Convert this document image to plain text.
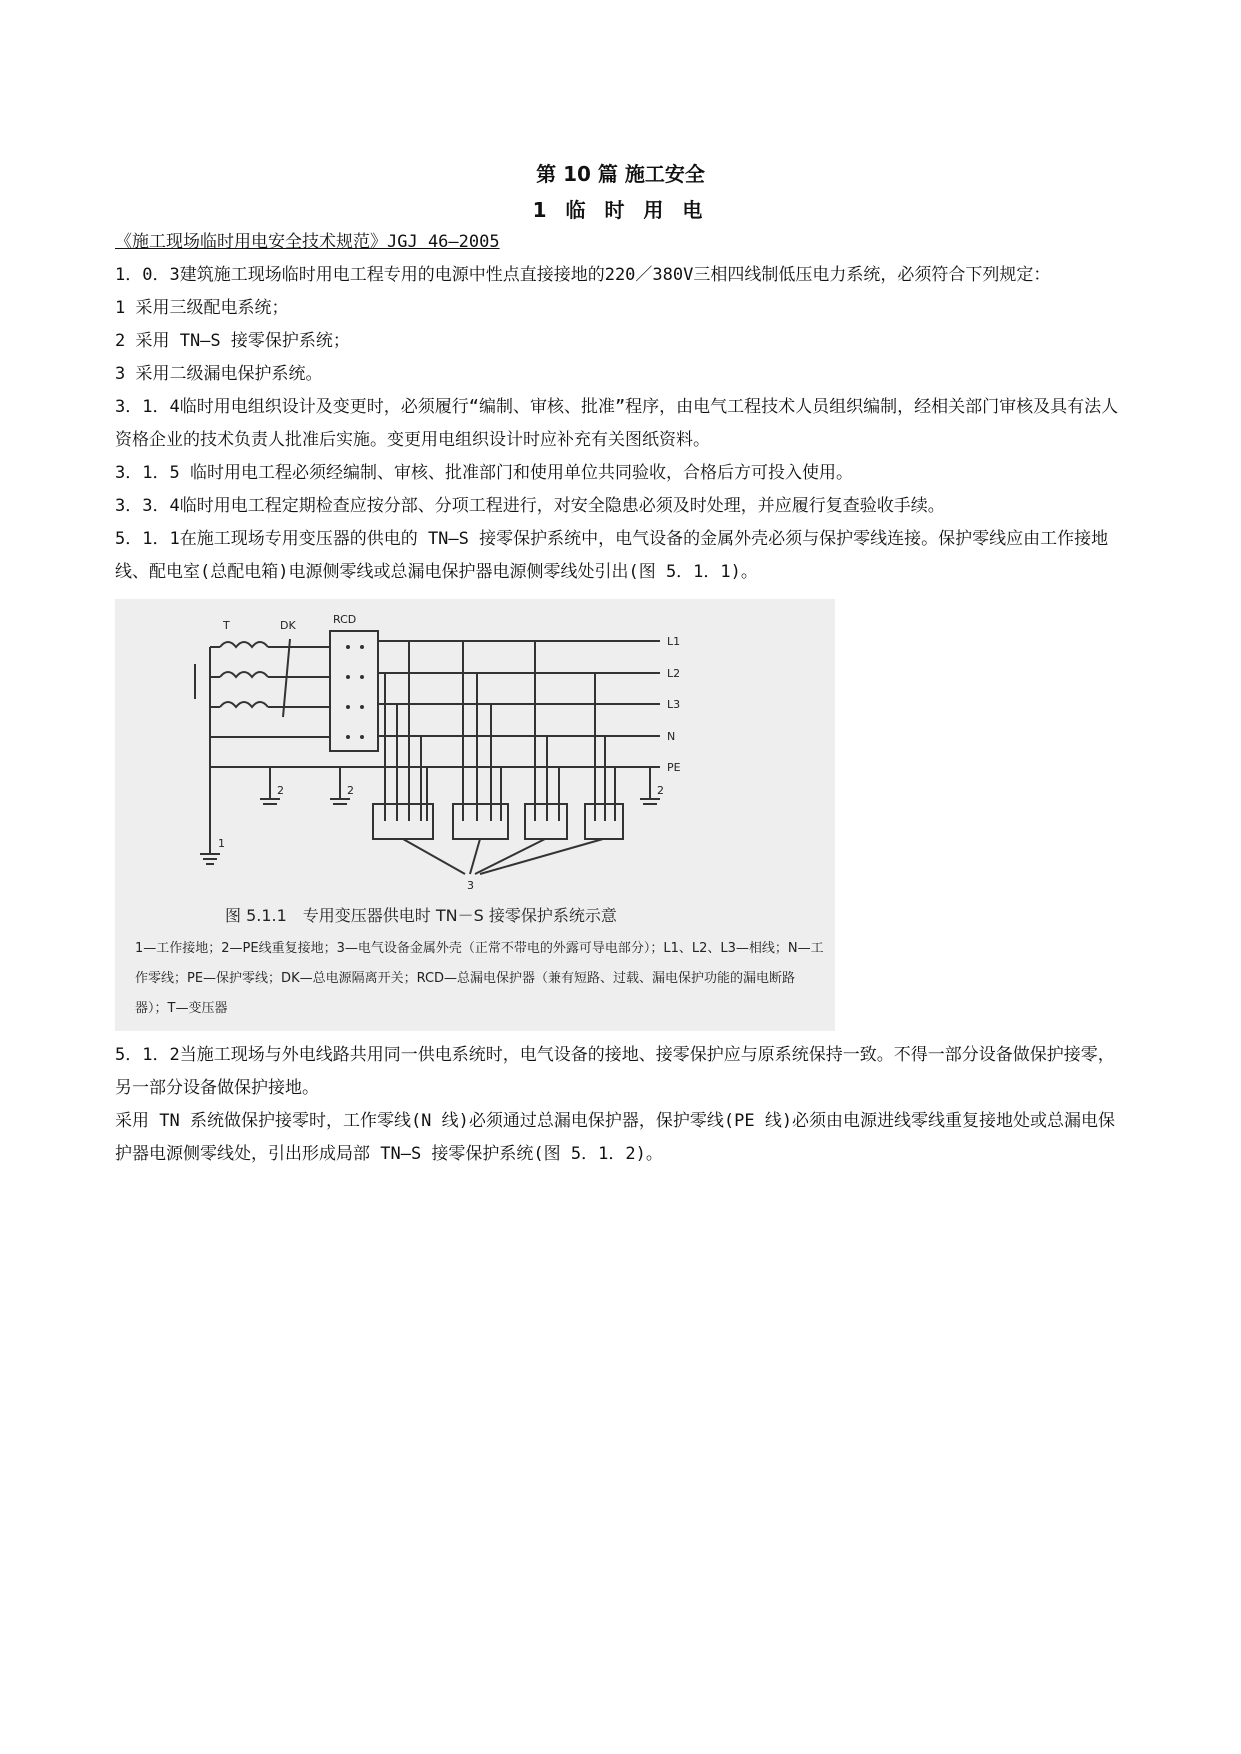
第 10 篇 施工安全
1 临 时 用 电

《施工现场临时用电安全技术规范》JGJ 46—2005

1．0．3建筑施工现场临时用电工程专用的电源中性点直接接地的220／380V三相四线制低压电力系统，必须符合下列规定：

1 采用三级配电系统；

2 采用 TN—S 接零保护系统；

3 采用二级漏电保护系统。

3．1．4临时用电组织设计及变更时，必须履行“编制、审核、批准”程序，由电气工程技术人员组织编制，经相关部门审核及具有法人资格企业的技术负责人批准后实施。变更用电组织设计时应补充有关图纸资料。

3．1．5 临时用电工程必须经编制、审核、批准部门和使用单位共同验收，合格后方可投入使用。

3．3．4临时用电工程定期检查应按分部、分项工程进行，对安全隐患必须及时处理，并应履行复查验收手续。

5．1．1在施工现场专用变压器的供电的 TN—S 接零保护系统中，电气设备的金属外壳必须与保护零线连接。保护零线应由工作接地线、配电室(总配电箱)电源侧零线或总漏电保护器电源侧零线处引出(图 5．1．1)。

T	DK	RCD
L1
L2
L3
N
PE
1
2	2	2
3
图 5.1.1　专用变压器供电时 TN－S 接零保护系统示意
1—工作接地；2—PE线重复接地；3—电气设备金属外壳（正常不带电的外露可导电部分）；L1、L2、L3—相线；N—工作零线；PE—保护零线；DK—总电源隔离开关；RCD—总漏电保护器（兼有短路、过载、漏电保护功能的漏电断路器）；T—变压器

5．1．2当施工现场与外电线路共用同一供电系统时，电气设备的接地、接零保护应与原系统保持一致。不得一部分设备做保护接零，另一部分设备做保护接地。

采用 TN 系统做保护接零时，工作零线(N 线)必须通过总漏电保护器，保护零线(PE 线)必须由电源进线零线重复接地处或总漏电保护器电源侧零线处，引出形成局部 TN—S 接零保护系统(图 5．1．2)。
